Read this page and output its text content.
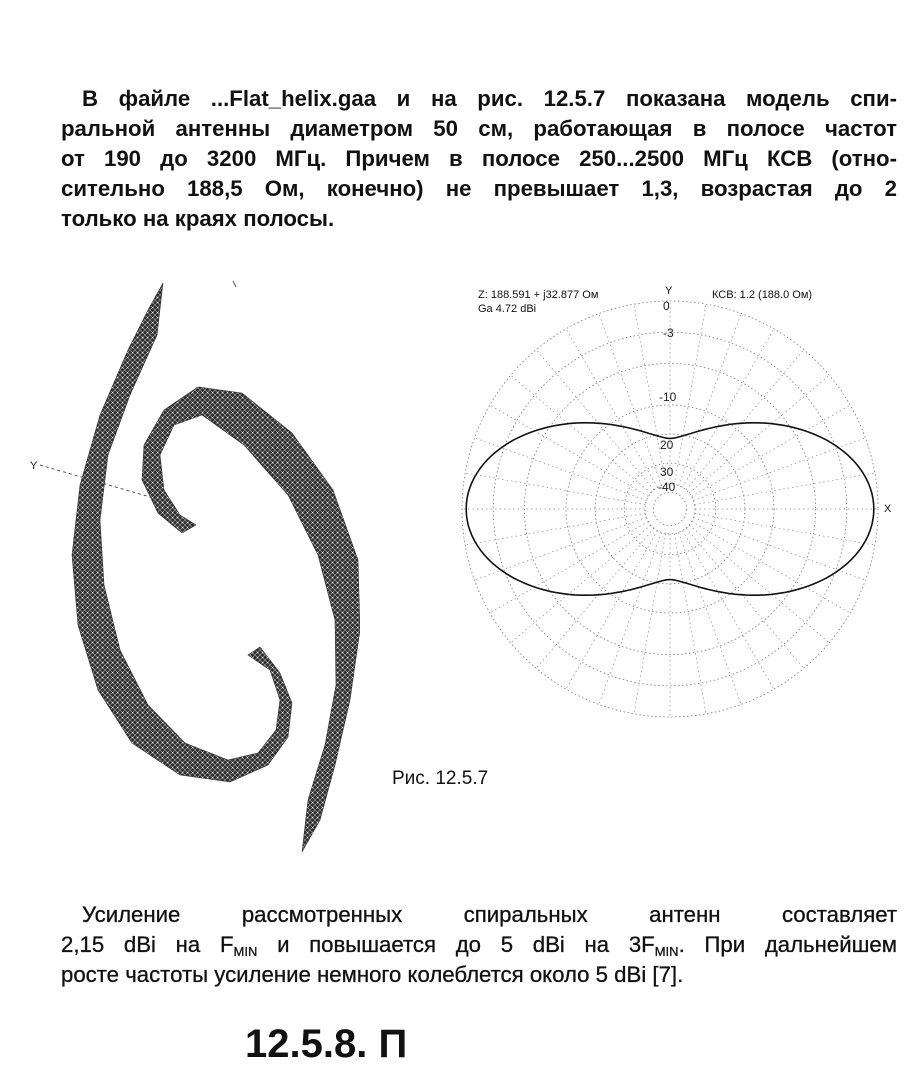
В файле ...Flat_helix.gaa и на рис. 12.5.7 показана модель спи-
ральной антенны диаметром 50 см, работающая в полосе частот
от 190 до 3200 МГц. Причем в полосе 250...2500 МГц КСВ (отно-
сительно 188,5 Ом, конечно) не превышает 1,3, возрастая до 2
только на краях полосы.
Y
Z: 188.591 + j32.877 Ом
Ga 4.72 dBi
КСВ: 1.2 (188.0 Ом)
Y
X
0
-3
-10
20
30
-40
Рис. 12.5.7
Усиление рассмотренных спиральных антенн составляет
2,15 dBi на $F_{MIN}$ и повышается до 5 dBi на $3F_{MIN}$. При дальнейшем
росте частоты усиление немного колеблется около 5 dBi [7].
12.5.8. П
